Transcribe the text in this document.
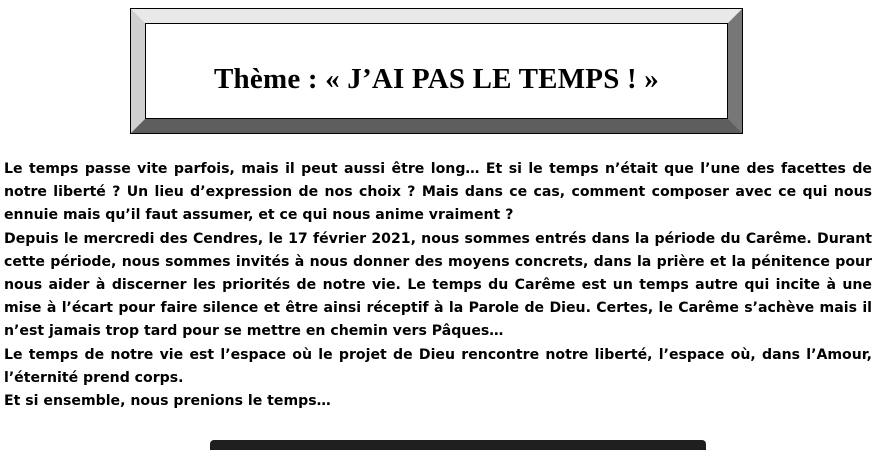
Thème : « J’AI PAS LE TEMPS ! »

Le temps passe vite parfois, mais il peut aussi être long… Et si le temps n’était que l’une des facettes de notre liberté ? Un lieu d’expression de nos choix ? Mais dans ce cas, comment composer avec ce qui nous ennuie mais qu’il faut assumer, et ce qui nous anime vraiment ?

Depuis le mercredi des Cendres, le 17 février 2021, nous sommes entrés dans la période du Carême. Durant cette période, nous sommes invités à nous donner des moyens concrets, dans la prière et la pénitence pour nous aider à discerner les priorités de notre vie. Le temps du Carême est un temps autre qui incite à une mise à l’écart pour faire silence et être ainsi réceptif à la Parole de Dieu. Certes, le Carême s’achève mais il n’est jamais trop tard pour se mettre en chemin vers Pâques…

Le temps de notre vie est l’espace où le projet de Dieu rencontre notre liberté, l’espace où, dans l’Amour, l’éternité prend corps.

Et si ensemble, nous prenions le temps…
